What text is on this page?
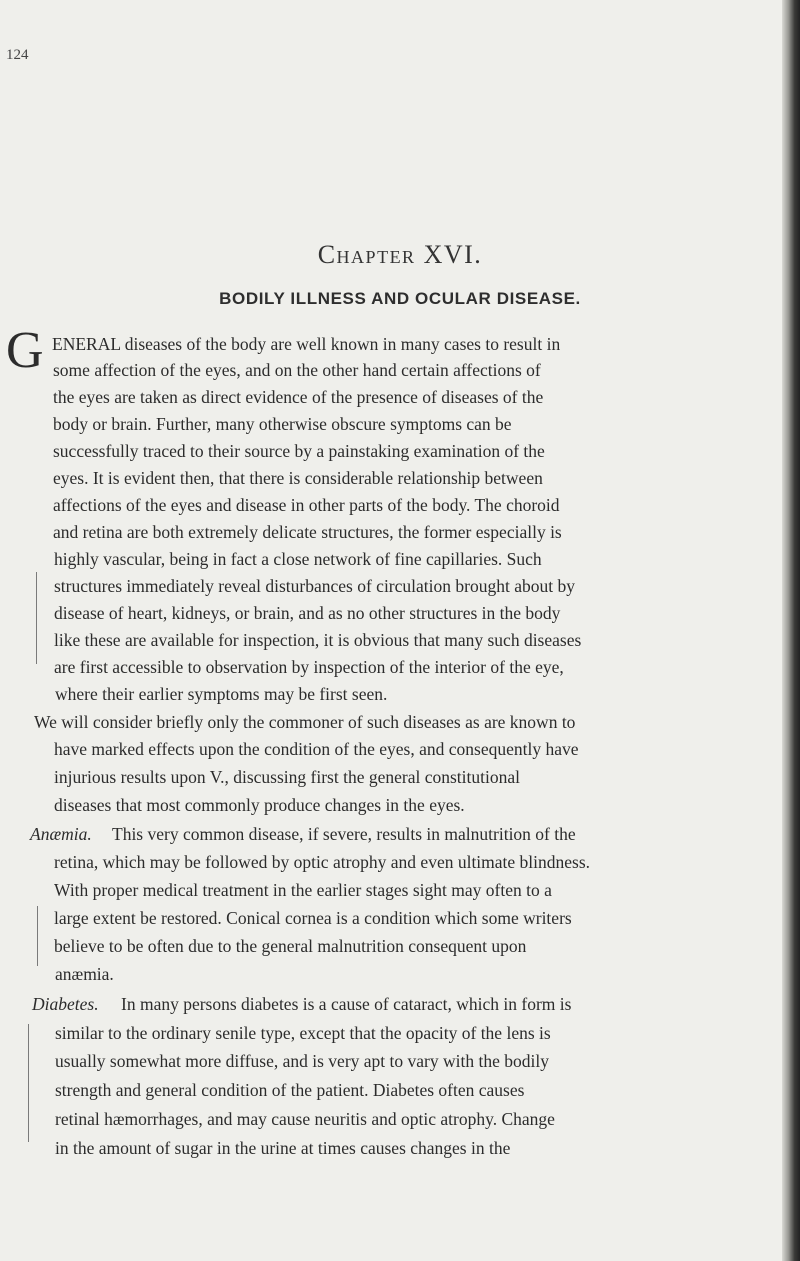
124
Chapter XVI.
BODILY ILLNESS AND OCULAR DISEASE.
G ENERAL diseases of the body are well known in many cases to result in
some affection of the eyes, and on the other hand certain affections of
the eyes are taken as direct evidence of the presence of diseases of the
body or brain. Further, many otherwise obscure symptoms can be
successfully traced to their source by a painstaking examination of the
eyes. It is evident then, that there is considerable relationship between
affections of the eyes and disease in other parts of the body. The choroid
and retina are both extremely delicate structures, the former especially is
highly vascular, being in fact a close network of fine capillaries. Such
structures immediately reveal disturbances of circulation brought about by
disease of heart, kidneys, or brain, and as no other structures in the body
like these are available for inspection, it is obvious that many such diseases
are first accessible to observation by inspection of the interior of the eye,
where their earlier symptoms may be first seen.
We will consider briefly only the commoner of such diseases as are known to
have marked effects upon the condition of the eyes, and consequently have
injurious results upon V., discussing first the general constitutional
diseases that most commonly produce changes in the eyes.
Anæmia. This very common disease, if severe, results in malnutrition of the
retina, which may be followed by optic atrophy and even ultimate blindness.
With proper medical treatment in the earlier stages sight may often to a
large extent be restored. Conical cornea is a condition which some writers
believe to be often due to the general malnutrition consequent upon
anæmia.
Diabetes. In many persons diabetes is a cause of cataract, which in form is
similar to the ordinary senile type, except that the opacity of the lens is
usually somewhat more diffuse, and is very apt to vary with the bodily
strength and general condition of the patient. Diabetes often causes
retinal hæmorrhages, and may cause neuritis and optic atrophy. Change
in the amount of sugar in the urine at times causes changes in the
